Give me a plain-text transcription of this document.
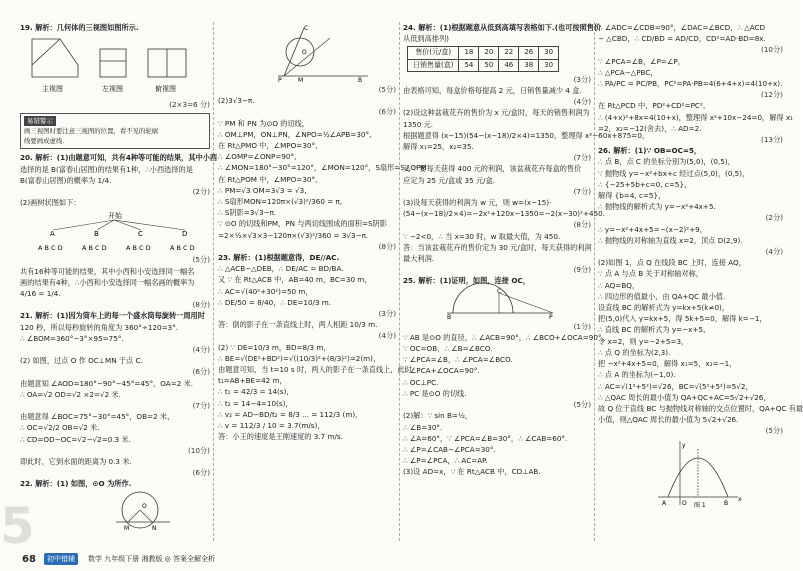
19. 解析：几何体的三视图如图所示.
主视图	左视图	俯视图
(2×3=6 分)
易错警示
画三视图时要注意三视图的位置，看不见的轮廓
线要画成虚线.
20. 解析：(1)由题意可知，共有4种等可能的结果，其中小西
选择的是 B(富春山居图)的结果有1种，∴小西选择的是
B(富春山居图)的概率为 1/4.
(2分)
(2)画树状图如下：
开始
A
A B C D
B
A B C D
C
A B C D
D
A B C D
(5分)
共有16种等可能的结果，其中小西和小安选择同一幅名
画的结果有4种，∴小西和小安选择同一幅名画的概率为
4/16 = 1/4.
(8分)
21. 解析：(1)因为筒车上的每一个盛水筒每旋转一周用时
120 秒，所以每秒旋转的角度为 360°÷120=3°.
∴ ∠BOM=360°−3°×95=75°.
(4分)
(2) 如图，过点 O 作 OC⊥MN 于点 C.
(6分)
由题意知 ∠AOD=180°−90°−45°=45°，OA=2 米.
∴ OA=√2 OD=√2 ×2=√2 米.
(7分)
由题意得 ∠BOC=75°−30°=45°，OB=2 米，
∴ OC=√2/2 OB=√2 米.
∴ CD=OD−OC=√2−√2=0.3 米.
(10分)
即此时，它到水面的距离为 0.3 米.
(6分)
22. 解析：(1) 如图，⊙O 为所作.
O
M	N
P	M	B
O
C
(5分)
(2)3√3−π.
(6分)
∵ PM 和 PN 为⊙O 的切线，
∴ OM⊥PM，ON⊥PN，∠NPO=½∠APB=30°,
在 Rt△PMO 中，∠MPO=30°,
∴ ∠OMP=∠ONP=90°,
∴ ∠MON=180°−30°=120°，∠MON=120°，S扇形=S△OPM
在 Rt△POM 中，∠MPO=30°,
∴ PM=√3 OM=3√3 = √3,
∴ S扇形MON=120π×(√3)²/360 = π,
∴ S阴影=3√3−π.
∵ ⊙O 的切线和PM，PN 与两切线围成的面积=S阴影
=2×½×√3×3−120π×(√3)²/360 = 3√3−π.
(8分)
23. 解析：(1)根据题意得，DE//AC.
∴ △ACB∽△DEB，∴ DE/AC = BD/BA.
又 ∵ 在 Rt△ACB 中，AB=40 m，BC=30 m，
∴ AC=√(40²+30²)=50 m，
∴ DE/50 = 8/40，∴ DE=10/3 m.
(3分)
答：倒的影子在一条直线上时，两人相距 10/3 m.
(4分)
(2) ∵ DE=10/3 m，BD=8/3 m，
∴ BE=√(DE²+BD²)=√((10/3)²+(8/3)²)=2(m)，
由题意可知，当 t=10 s 时，两人的影子在一条直线上，此时
t₁=AB+BE=42 m，
∴ t₁ = 42/3 = 14(s)，
∴ t₂ = 14−4=10(s)，
∴ v₂ = AD−BD/t₂ = 8/3 ... = 112/3 (m)，
∴ v = 112/3 / 10 = 3.7(m/s)，
答：小王的速度是王刚速度的 3.7 m/s.
24. 解析：(1)根据题意从低到高填写表格如下.(也可按照售价
从低到高排列)
售价(元/盒)	18	20	22	26	30
日销售量(盒)	54	50	46	38	30
(3分)
由表格可知，每盒价格每提高 2 元，日销售量减少 4 盒.
(4分)
(2)设这种盆栽花卉的售价为 x 元/盒时，每天的销售利润为
1350 元.
根据题意得 (x−15)(54−(x−18)/2×4)=1350，整理得 x²−60x+875=0，
解得 x₁=25，x₂=35.
(7分)
又 ∵ 要每天获得 400 元的利润，该盆栽花卉每盒的售价
应定为 25 元/盒或 35 元/盒.
(7分)
(3)设每天获得的利润为 w 元，则 w=(x−15)·
(54−(x−18)/2×4)=−2x²+120x−1350=−2(x−30)²+450.
(8分)
∵ −2<0，∴ 当 x=30 时，w 取最大值，为 450.
答：当该盆栽花卉的售价定为 30 元/盒时，每天获得的利润
最大利润.
(9分)
25. 解析：(1)证明，如图，连接 OC，
B	P
C
(1分)
∵ AB 是⊙O 的直径，∴ ∠ACB=90°，∴ ∠BCO+∠OCA=90°,
∵ OC=OB，∴ ∠B=∠BCO.
∵ ∠PCA=∠B，∴ ∠PCA=∠BCO.
∴ ∠PCA+∠OCA=90°.
∴ OC⊥PC.
∴ PC 是⊙O 的切线.
(5分)
(2)解：∵ sin B=½，
∴ ∠B=30°.
∴ ∠A=60°，∵ ∠PCA=∠B=30°，∴ ∠CAB=60°.
∴ ∠P=∠CAB−∠PCA=30°.
∴ ∠P=∠PCA，∴ AC=AP.
(3)设 AD=x，∵ 在 Rt△ACB 中，CD⊥AB.
∴ ∠ADC=∠CDB=90°，∠DAC=∠BCD，∴ △ACD
∽ △CBD，∴ CD/BD = AD/CD，CD²=AD·BD=8x.
(10分)
∵ ∠PCA=∠B，∠P=∠P，
∴ △PCA∽△PBC，
∴ PA/PC = PC/PB，PC²=PA·PB=4(6+4+x)=4(10+x).
(12分)
在 Rt△PCD 中，PD²+CD²=PC²，
∴ (4+x)²+8x=4(10+x)，整理得 x²+10x−24=0，解得 x₁
=2，x₂=−12(舍去)，∴ AD=2.
(13分)
26. 解析：(1)∵ OB=OC=5，
∴ 点 B，点 C 的坐标分别为(5,0)，(0,5)，
∵ 抛物线 y=−x²+bx+c 经过点(5,0)，(0,5)，
∴ {−25+5b+c=0, c=5}，
解得 {b=4, c=5}，
∴ 抛物线的解析式为 y=−x²+4x+5.
(2分)
∴ y=−x²+4x+5=−(x−2)²+9，
∴ 抛物线的对称轴为直线 x=2，顶点 D(2,9).
(4分)
(2)如图 1，点 Q 在线段 BC 上时，连接 AQ，
∵ 点 A 与点 B 关于对称轴对称，
∴ AQ=BQ，
∴ 四边形的值最小，由 QA+QC 最小值.
设直线 BC 的解析式为 y=kx+5(k≠0)，
把(5,0)代入 y=kx+5，得 5k+5=0，解得 k=−1，
∴ 直线 BC 的解析式为 y=−x+5，
令 x=2，则 y=−2+5=3，
∴ 点 Q 的坐标为(2,3).
把 −x²+4x+5=0，解得 x₁=5，x₂=−1，
∴ 点 A 的坐标为(−1,0).
∴ AC=√(1²+5²)=√26，BC=√(5²+5²)=5√2，
∴ △QAC 周长的最小值为 QA+QC+AC=5√2+√26，
故 Q 位于直线 BC 与抛物线对称轴的交点位置时，QA+QC 有最
小值，则△QAC 周长的最小值为 5√2+√26.
(5分)
y
A	O	B
x
图 1
5
68	初中错辅	数学 九年级下册 湘教版 ◎ 答案全解全析
